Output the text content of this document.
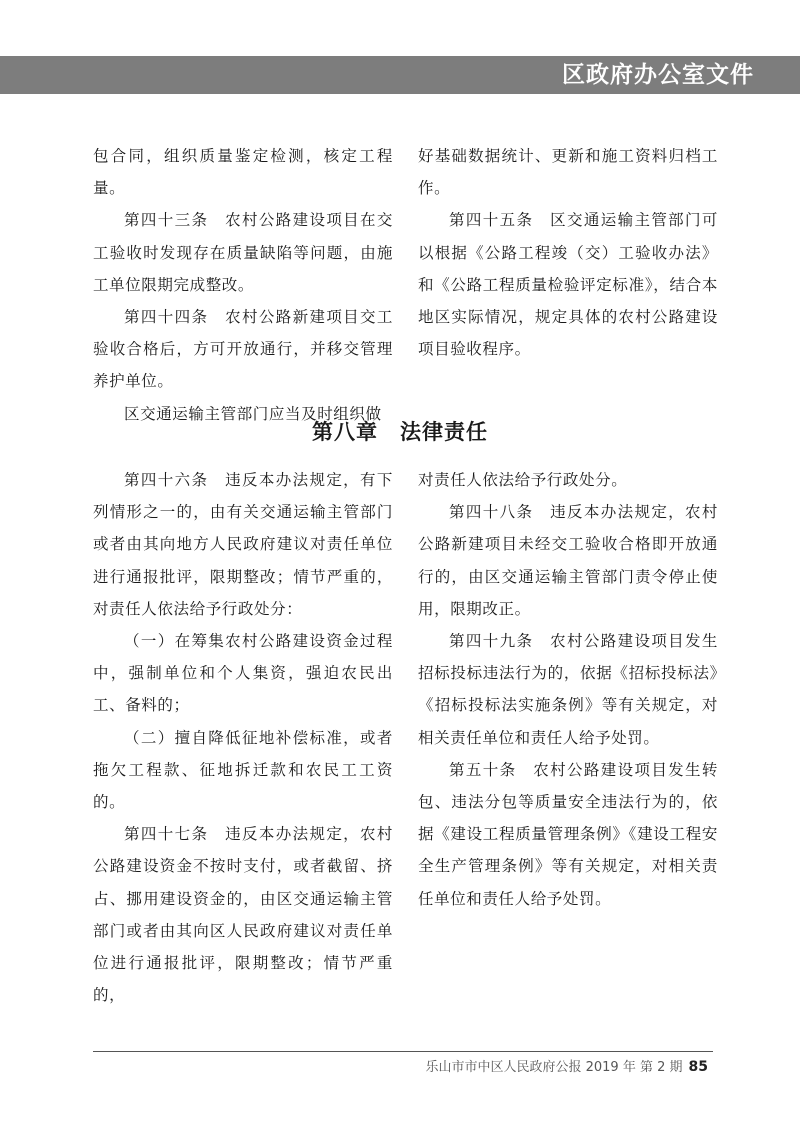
区政府办公室文件

包合同，组织质量鉴定检测，核定工程量。

第四十三条　农村公路建设项目在交工验收时发现存在质量缺陷等问题，由施工单位限期完成整改。

第四十四条　农村公路新建项目交工验收合格后，方可开放通行，并移交管理养护单位。

区交通运输主管部门应当及时组织做

好基础数据统计、更新和施工资料归档工作。

第四十五条　区交通运输主管部门可以根据《公路工程竣（交）工验收办法》和《公路工程质量检验评定标准》，结合本地区实际情况，规定具体的农村公路建设项目验收程序。

第八章 法律责任

第四十六条　违反本办法规定，有下列情形之一的，由有关交通运输主管部门或者由其向地方人民政府建议对责任单位进行通报批评，限期整改；情节严重的，对责任人依法给予行政处分：

（一）在筹集农村公路建设资金过程中，强制单位和个人集资，强迫农民出工、备料的；

（二）擅自降低征地补偿标准，或者拖欠工程款、征地拆迁款和农民工工资的。

第四十七条　违反本办法规定，农村公路建设资金不按时支付，或者截留、挤占、挪用建设资金的，由区交通运输主管部门或者由其向区人民政府建议对责任单位进行通报批评，限期整改；情节严重的，

对责任人依法给予行政处分。

第四十八条　违反本办法规定，农村公路新建项目未经交工验收合格即开放通行的，由区交通运输主管部门责令停止使用，限期改正。

第四十九条　农村公路建设项目发生招标投标违法行为的，依据《招标投标法》《招标投标法实施条例》等有关规定，对相关责任单位和责任人给予处罚。

第五十条　农村公路建设项目发生转包、违法分包等质量安全违法行为的，依据《建设工程质量管理条例》《建设工程安全生产管理条例》等有关规定，对相关责任单位和责任人给予处罚。

乐山市市中区人民政府公报 2019 年 第 2 期 85
